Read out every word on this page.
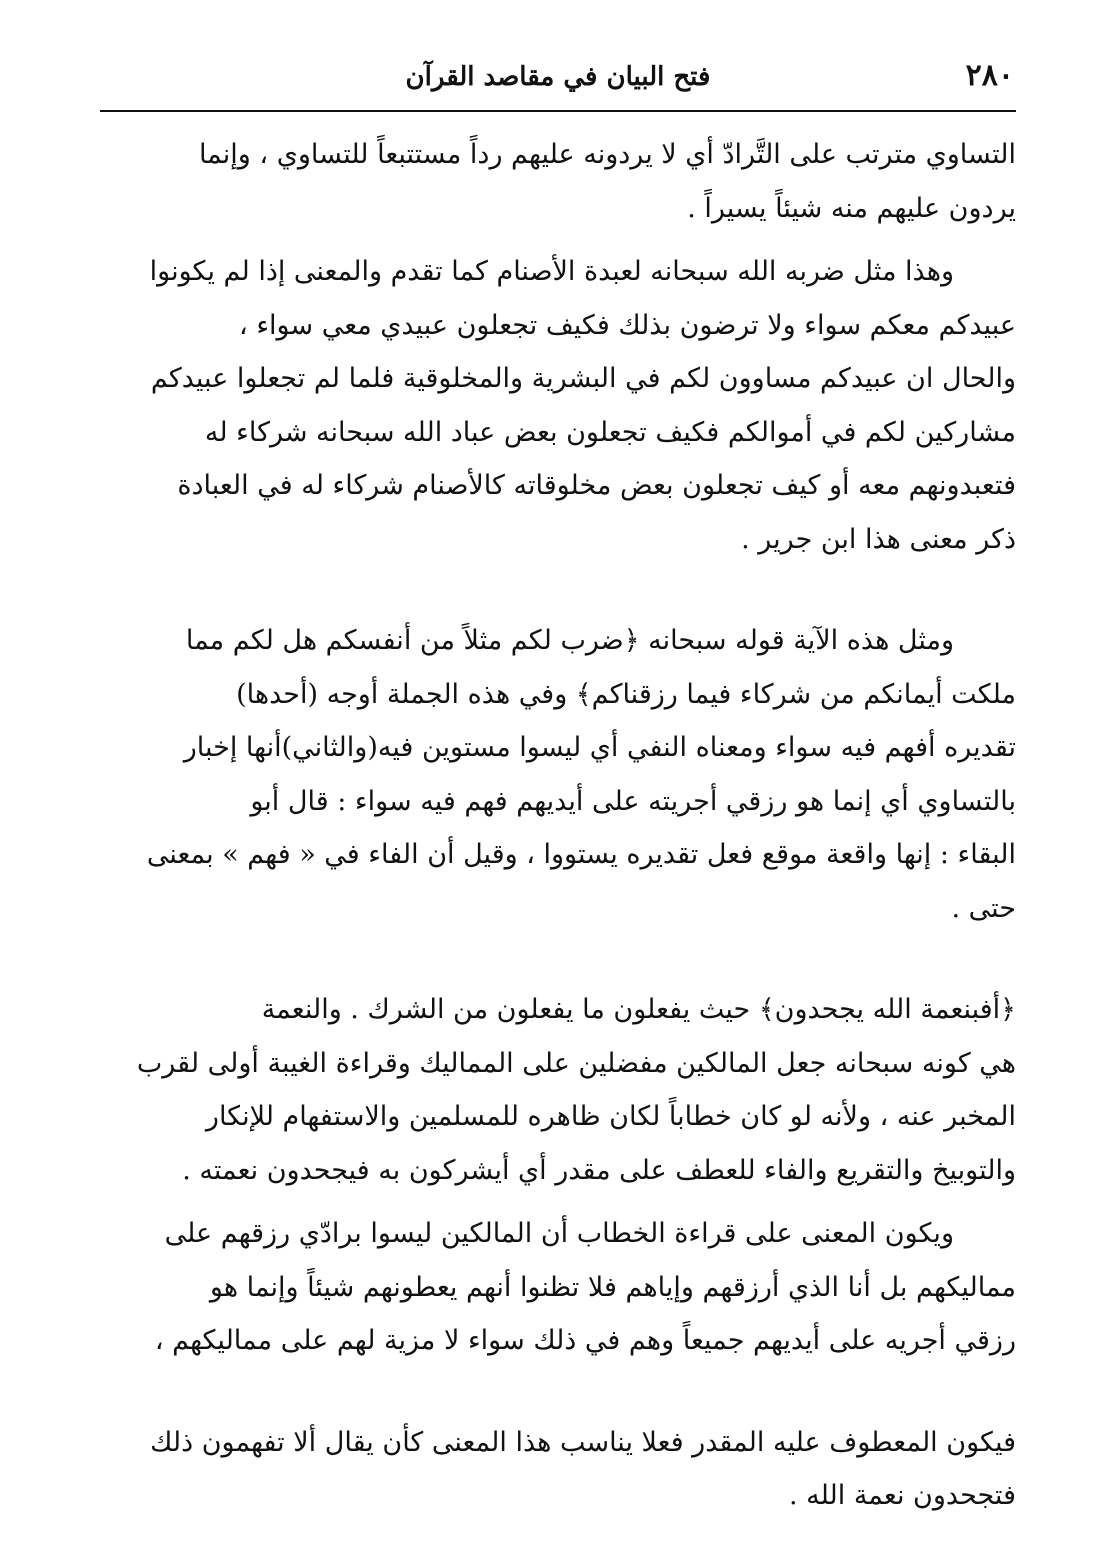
٢٨٠
فتح البيان في مقاصد القرآن
التساوي مترتب على التَّرادّ أي لا يردونه عليهم رداً مستتبعاً للتساوي ، وإنما
يردون عليهم منه شيئاً يسيراً .
وهذا مثل ضربه الله سبحانه لعبدة الأصنام كما تقدم والمعنى إذا لم يكونوا
عبيدكم معكم سواء ولا ترضون بذلك فكيف تجعلون عبيدي معي سواء ،
والحال ان عبيدكم مساوون لكم في البشرية والمخلوقية فلما لم تجعلوا عبيدكم
مشاركين لكم في أموالكم فكيف تجعلون بعض عباد الله سبحانه شركاء له
فتعبدونهم معه أو كيف تجعلون بعض مخلوقاته كالأصنام شركاء له في العبادة
ذكر معنى هذا ابن جرير .
ومثل هذه الآية قوله سبحانه ﴿ضرب لكم مثلاً من أنفسكم هل لكم مما
ملكت أيمانكم من شركاء فيما رزقناكم﴾ وفي هذه الجملة أوجه (أحدها)
تقديره أفهم فيه سواء ومعناه النفي أي ليسوا مستوين فيه(والثاني)أنها إخبار
بالتساوي أي إنما هو رزقي أجريته على أيديهم فهم فيه سواء : قال أبو
البقاء : إنها واقعة موقع فعل تقديره يستووا ، وقيل أن الفاء في « فهم » بمعنى
حتى .
﴿أفبنعمة الله يجحدون﴾ حيث يفعلون ما يفعلون من الشرك . والنعمة
هي كونه سبحانه جعل المالكين مفضلين على المماليك وقراءة الغيبة أولى لقرب
المخبر عنه ، ولأنه لو كان خطاباً لكان ظاهره للمسلمين والاستفهام للإنكار
والتوبيخ والتقريع والفاء للعطف على مقدر أي أيشركون به فيجحدون نعمته .
ويكون المعنى على قراءة الخطاب أن المالكين ليسوا برادّي رزقهم على
مماليكهم بل أنا الذي أرزقهم وإياهم فلا تظنوا أنهم يعطونهم شيئاً وإنما هو
رزقي أجريه على أيديهم جميعاً وهم في ذلك سواء لا مزية لهم على مماليكهم ،
فيكون المعطوف عليه المقدر فعلا يناسب هذا المعنى كأن يقال ألا تفهمون ذلك
فتجحدون نعمة الله .
